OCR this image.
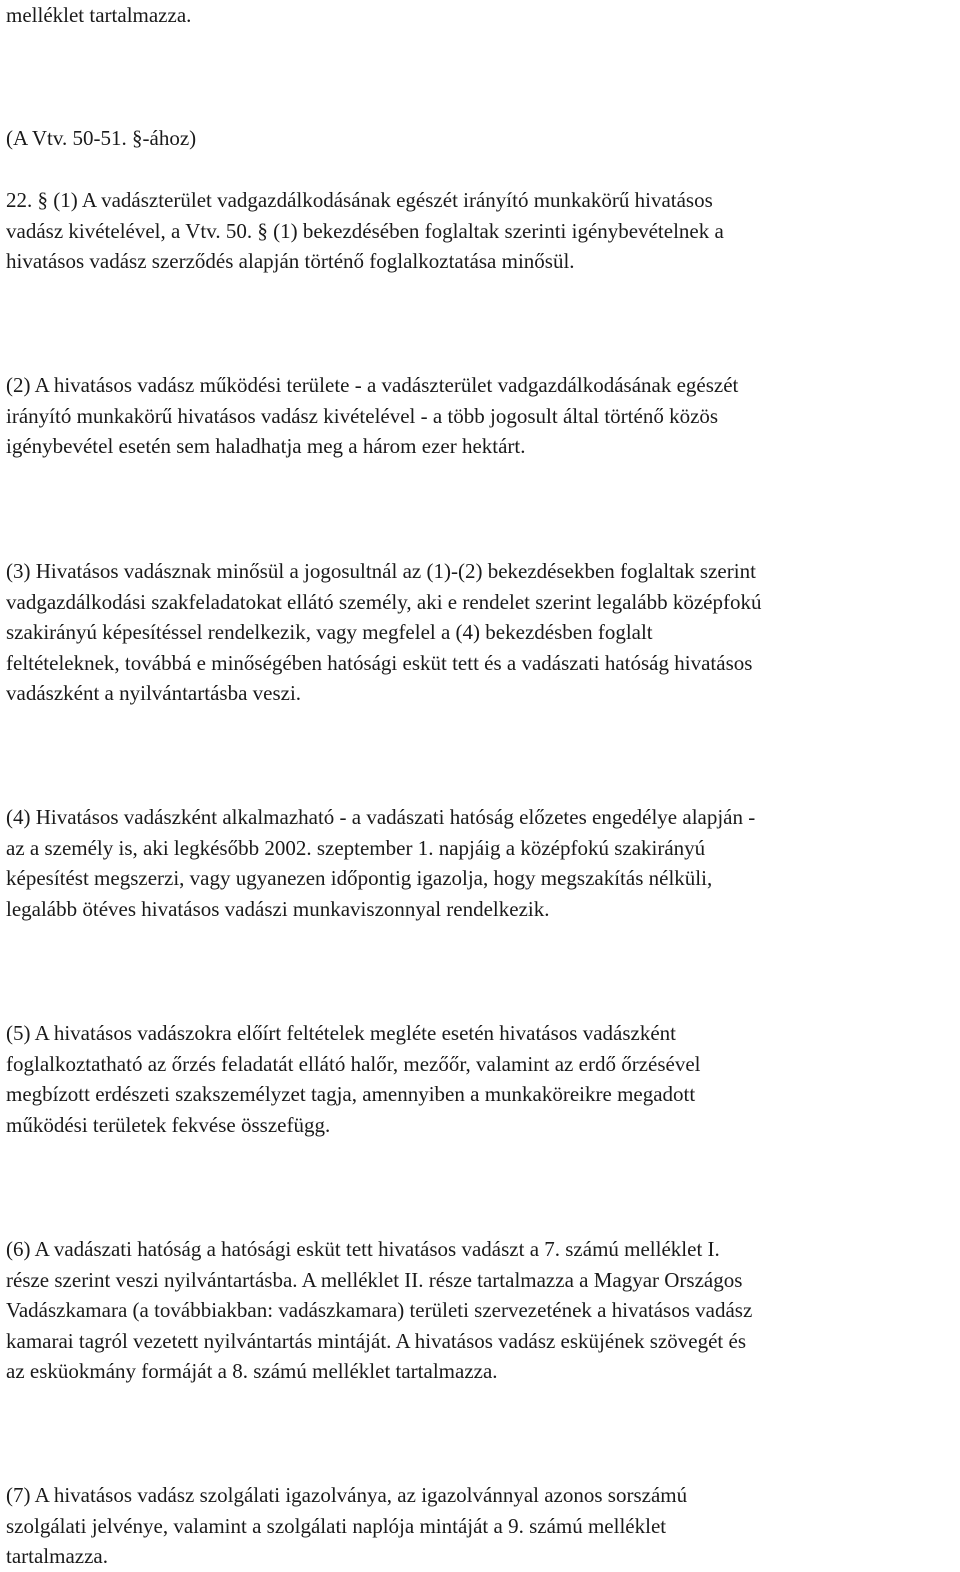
melléklet tartalmazza.
(A Vtv. 50-51. §-ához)
22. § (1) A vadászterület vadgazdálkodásának egészét irányító munkakörű hivatásos
vadász kivételével, a Vtv. 50. § (1) bekezdésében foglaltak szerinti igénybevételnek a
hivatásos vadász szerződés alapján történő foglalkoztatása minősül.
(2) A hivatásos vadász működési területe - a vadászterület vadgazdálkodásának egészét
irányító munkakörű hivatásos vadász kivételével - a több jogosult által történő közös
igénybevétel esetén sem haladhatja meg a három ezer hektárt.
(3) Hivatásos vadásznak minősül a jogosultnál az (1)-(2) bekezdésekben foglaltak szerint
vadgazdálkodási szakfeladatokat ellátó személy, aki e rendelet szerint legalább középfokú
szakirányú képesítéssel rendelkezik, vagy megfelel a (4) bekezdésben foglalt
feltételeknek, továbbá e minőségében hatósági esküt tett és a vadászati hatóság hivatásos
vadászként a nyilvántartásba veszi.
(4) Hivatásos vadászként alkalmazható - a vadászati hatóság előzetes engedélye alapján -
az a személy is, aki legkésőbb 2002. szeptember 1. napjáig a középfokú szakirányú
képesítést megszerzi, vagy ugyanezen időpontig igazolja, hogy megszakítás nélküli,
legalább ötéves hivatásos vadászi munkaviszonnyal rendelkezik.
(5) A hivatásos vadászokra előírt feltételek megléte esetén hivatásos vadászként
foglalkoztatható az őrzés feladatát ellátó halőr, mezőőr, valamint az erdő őrzésével
megbízott erdészeti szakszemélyzet tagja, amennyiben a munkaköreikre megadott
működési területek fekvése összefügg.
(6) A vadászati hatóság a hatósági esküt tett hivatásos vadászt a 7. számú melléklet I.
része szerint veszi nyilvántartásba. A melléklet II. része tartalmazza a Magyar Országos
Vadászkamara (a továbbiakban: vadászkamara) területi szervezetének a hivatásos vadász
kamarai tagról vezetett nyilvántartás mintáját. A hivatásos vadász esküjének szövegét és
az esküokmány formáját a 8. számú melléklet tartalmazza.
(7) A hivatásos vadász szolgálati igazolványa, az igazolvánnyal azonos sorszámú
szolgálati jelvénye, valamint a szolgálati naplója mintáját a 9. számú melléklet
tartalmazza.
